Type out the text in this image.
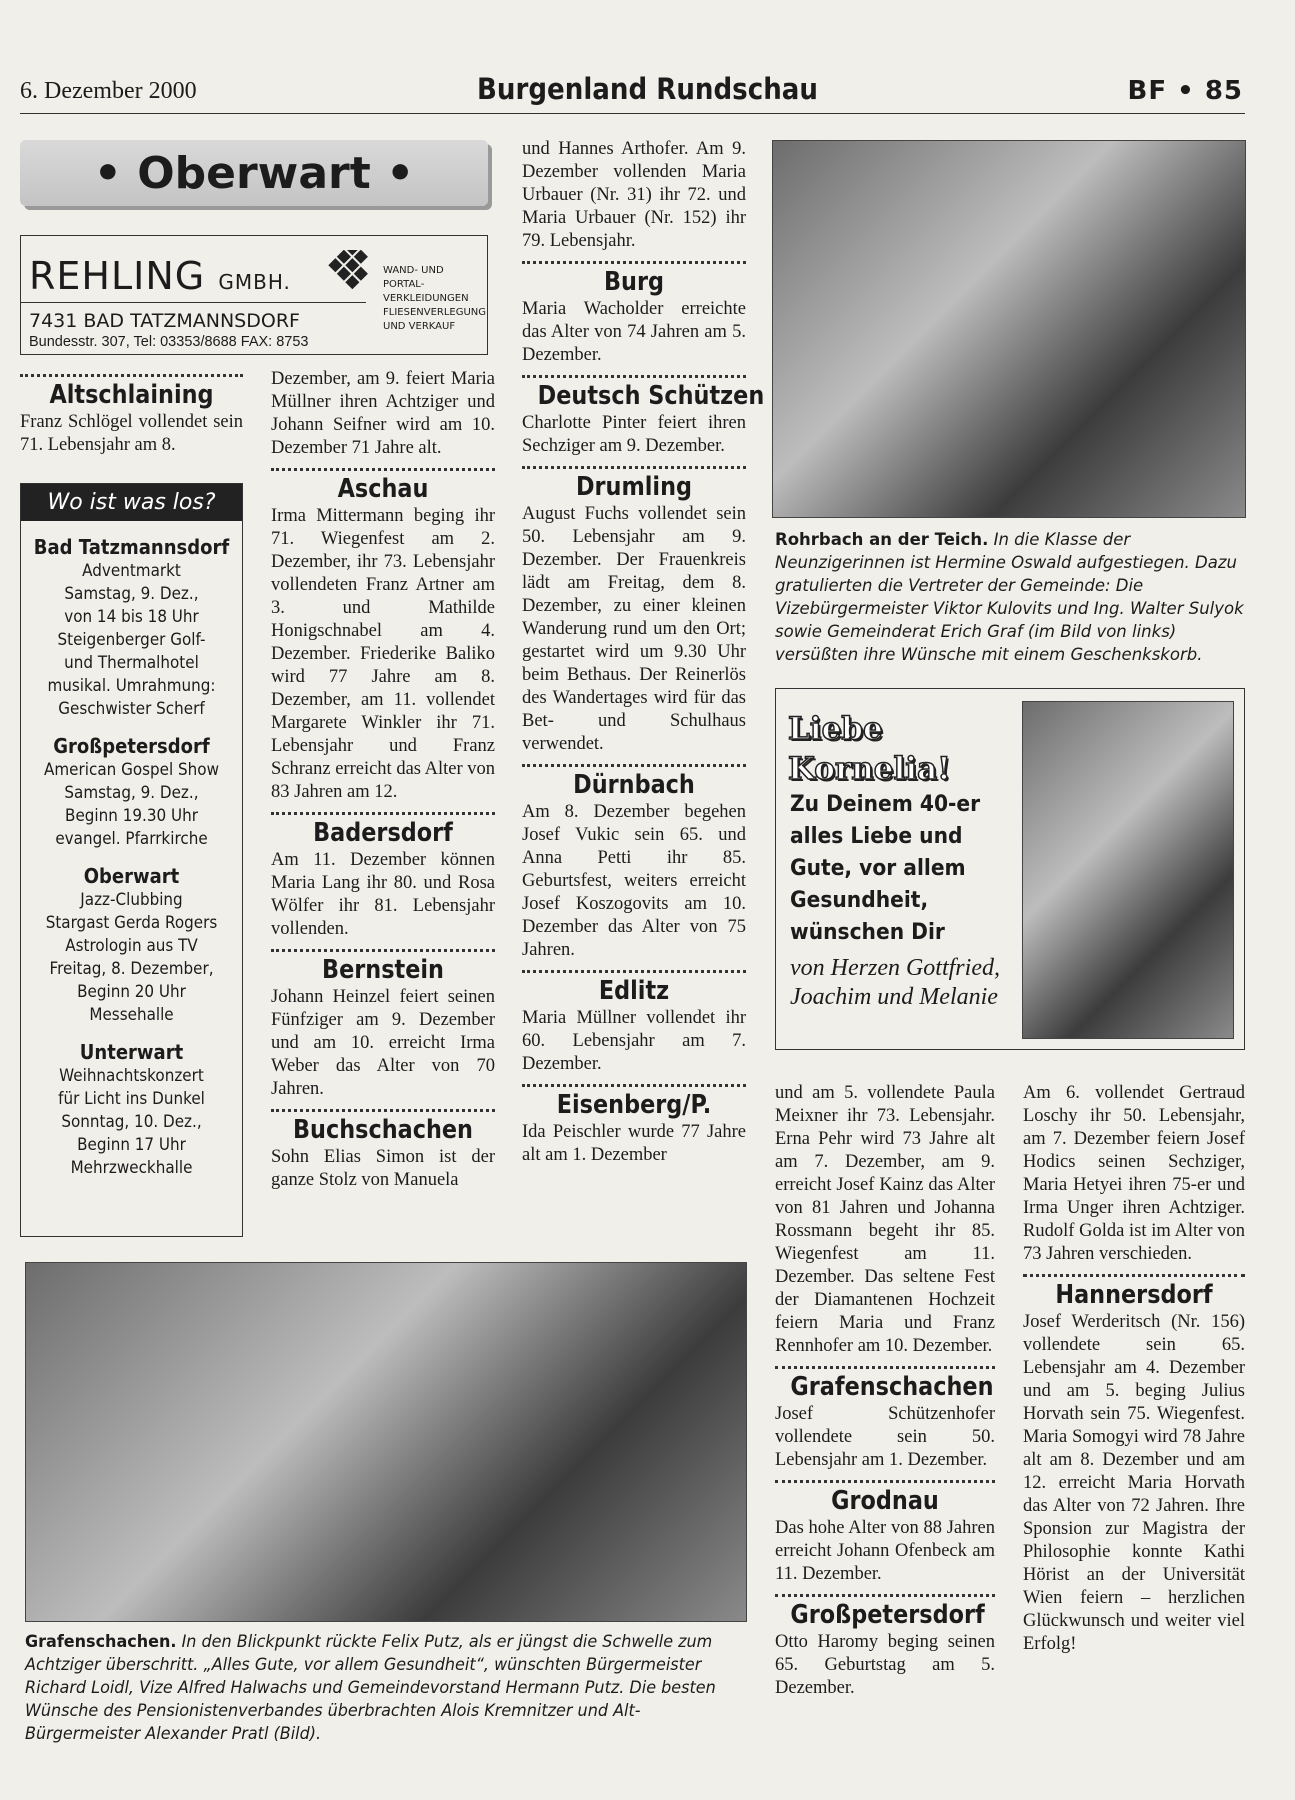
6. Dezember 2000	Burgenland Rundschau	BF • 85
• Oberwart •
REHLING GMBH.
7431 BAD TATZMANNSDORF
Bundesstr. 307, Tel: 03353/8688 FAX: 8753
WAND- UND
PORTAL-
VERKLEIDUNGEN
FLIESENVERLEGUNG
UND VERKAUF
Altschlaining

Franz Schlögel vollendet sein 71. Lebensjahr am 8.

Wo ist was los?
Bad Tatzmannsdorf
Adventmarkt
Samstag, 9. Dez.,
von 14 bis 18 Uhr
Steigenberger Golf-
und Thermalhotel
musikal. Umrahmung:
Geschwister Scherf
Großpetersdorf
American Gospel Show
Samstag, 9. Dez.,
Beginn 19.30 Uhr
evangel. Pfarrkirche
Oberwart
Jazz-Clubbing
Stargast Gerda Rogers
Astrologin aus TV
Freitag, 8. Dezember,
Beginn 20 Uhr
Messehalle
Unterwart
Weihnachtskonzert
für Licht ins Dunkel
Sonntag, 10. Dez.,
Beginn 17 Uhr
Mehrzweckhalle

Dezember, am 9. feiert Maria Müllner ihren Achtziger und Johann Seifner wird am 10. Dezember 71 Jahre alt.

Aschau

Irma Mittermann beging ihr 71. Wiegenfest am 2. Dezember, ihr 73. Lebensjahr vollendeten Franz Artner am 3. und Mathilde Honigschnabel am 4. Dezember. Friederike Baliko wird 77 Jahre am 8. Dezember, am 11. vollendet Margarete Winkler ihr 71. Lebensjahr und Franz Schranz erreicht das Alter von 83 Jahren am 12.

Badersdorf

Am 11. Dezember können Maria Lang ihr 80. und Rosa Wölfer ihr 81. Lebensjahr vollenden.

Bernstein

Johann Heinzel feiert seinen Fünfziger am 9. Dezember und am 10. erreicht Irma Weber das Alter von 70 Jahren.

Buchschachen

Sohn Elias Simon ist der ganze Stolz von Manuela

und Hannes Arthofer. Am 9. Dezember vollenden Maria Urbauer (Nr. 31) ihr 72. und Maria Urbauer (Nr. 152) ihr 79. Lebensjahr.

Burg

Maria Wacholder erreichte das Alter von 74 Jahren am 5. Dezember.

Deutsch Schützen

Charlotte Pinter feiert ihren Sechziger am 9. Dezember.

Drumling

August Fuchs vollendet sein 50. Lebensjahr am 9. Dezember. Der Frauenkreis lädt am Freitag, dem 8. Dezember, zu einer kleinen Wanderung rund um den Ort; gestartet wird um 9.30 Uhr beim Bethaus. Der Reinerlös des Wandertages wird für das Bet- und Schulhaus verwendet.

Dürnbach

Am 8. Dezember begehen Josef Vukic sein 65. und Anna Petti ihr 85. Geburtsfest, weiters erreicht Josef Koszogovits am 10. Dezember das Alter von 75 Jahren.

Edlitz

Maria Müllner vollendet ihr 60. Lebensjahr am 7. Dezember.

Eisenberg/P.

Ida Peischler wurde 77 Jahre alt am 1. Dezember

Rohrbach an der Teich. In die Klasse der Neunzigerinnen ist Hermine Oswald aufgestiegen. Dazu gratulierten die Vertreter der Gemeinde: Die Vizebürgermeister Viktor Kulovits und Ing. Walter Sulyok sowie Gemeinderat Erich Graf (im Bild von links) versüßten ihre Wünsche mit einem Geschenkskorb.
Liebe
Kornelia!
Zu Deinem 40-er alles Liebe und Gute, vor allem Gesundheit, wünschen Dir
von Herzen Gottfried, Joachim und Melanie

und am 5. vollendete Paula Meixner ihr 73. Lebensjahr. Erna Pehr wird 73 Jahre alt am 7. Dezember, am 9. erreicht Josef Kainz das Alter von 81 Jahren und Johanna Rossmann begeht ihr 85. Wiegenfest am 11. Dezember. Das seltene Fest der Diamantenen Hochzeit feiern Maria und Franz Rennhofer am 10. Dezember.

Grafenschachen

Josef Schützenhofer vollendete sein 50. Lebensjahr am 1. Dezember.

Grodnau

Das hohe Alter von 88 Jahren erreicht Johann Ofenbeck am 11. Dezember.

Großpetersdorf

Otto Haromy beging seinen 65. Geburtstag am 5. Dezember.

Am 6. vollendet Gertraud Loschy ihr 50. Lebensjahr, am 7. Dezember feiern Josef Hodics seinen Sechziger, Maria Hetyei ihren 75-er und Irma Unger ihren Achtziger. Rudolf Golda ist im Alter von 73 Jahren verschieden.

Hannersdorf

Josef Werderitsch (Nr. 156) vollendete sein 65. Lebensjahr am 4. Dezember und am 5. beging Julius Horvath sein 75. Wiegenfest. Maria Somogyi wird 78 Jahre alt am 8. Dezember und am 12. erreicht Maria Horvath das Alter von 72 Jahren. Ihre Sponsion zur Magistra der Philosophie konnte Kathi Hörist an der Universität Wien feiern – herzlichen Glückwunsch und weiter viel Erfolg!

Grafenschachen. In den Blickpunkt rückte Felix Putz, als er jüngst die Schwelle zum Achtziger überschritt. „Alles Gute, vor allem Gesundheit“, wünschten Bürgermeister Richard Loidl, Vize Alfred Halwachs und Gemeindevorstand Hermann Putz. Die besten Wünsche des Pensionistenverbandes überbrachten Alois Kremnitzer und Alt-Bürgermeister Alexander Pratl (Bild).
